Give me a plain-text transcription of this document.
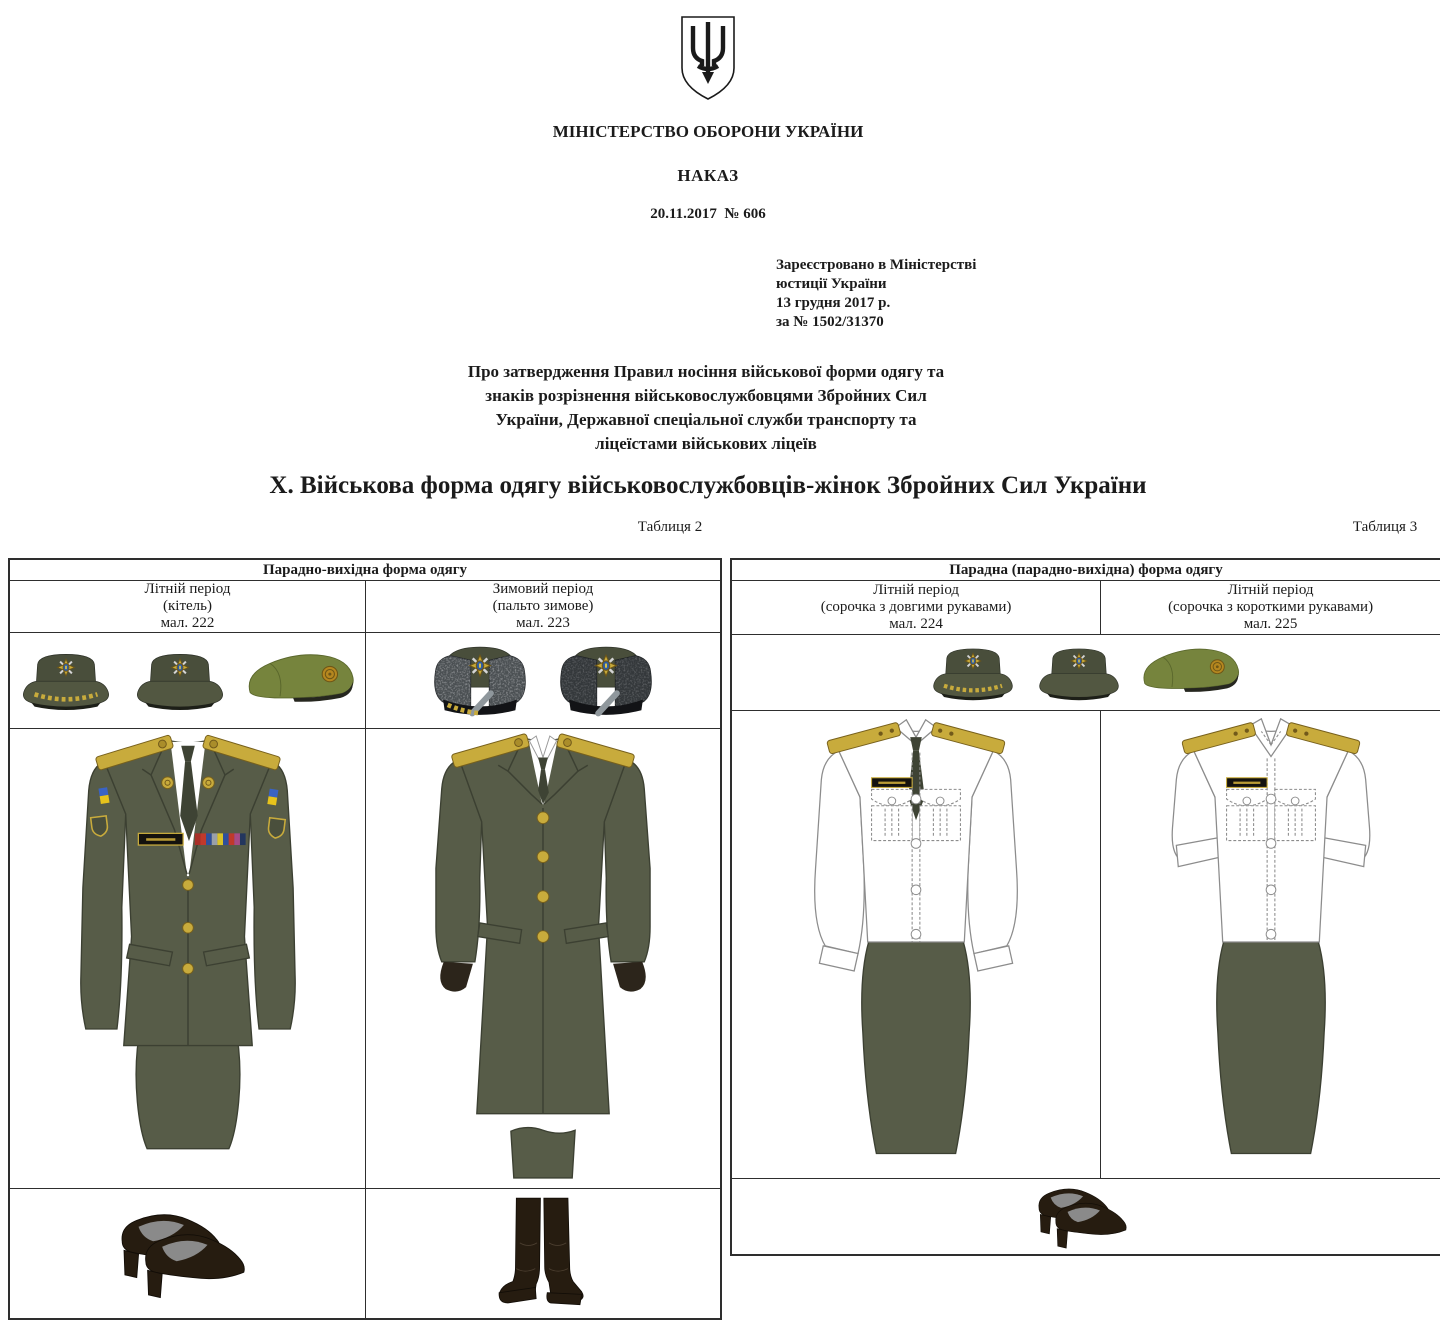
МІНІСТЕРСТВО ОБОРОНИ УКРАЇНИ
НАКАЗ
20.11.2017  № 606
Зареєстровано в Міністерстві
юстиції України
13 грудня 2017 р.
за № 1502/31370
Про затвердження Правил носіння військової форми одягу та
знаків розрізнення військовослужбовцями Збройних Сил
України, Державної спеціальної служби транспорту та
ліцеїстами військових ліцеїв
X. Військова форма одягу військовослужбовців-жінок Збройних Сил України
Таблиця 2	Таблиця 3
Парадно-вихідна форма одягу
Літній період
(кітель)
мал. 222
Зимовий період
(пальто зимове)
мал. 223
Парадна (парадно-вихідна) форма одягу
Літній період
(сорочка з довгими рукавами)
мал. 224
Літній період
(сорочка з короткими рукавами)
мал. 225
